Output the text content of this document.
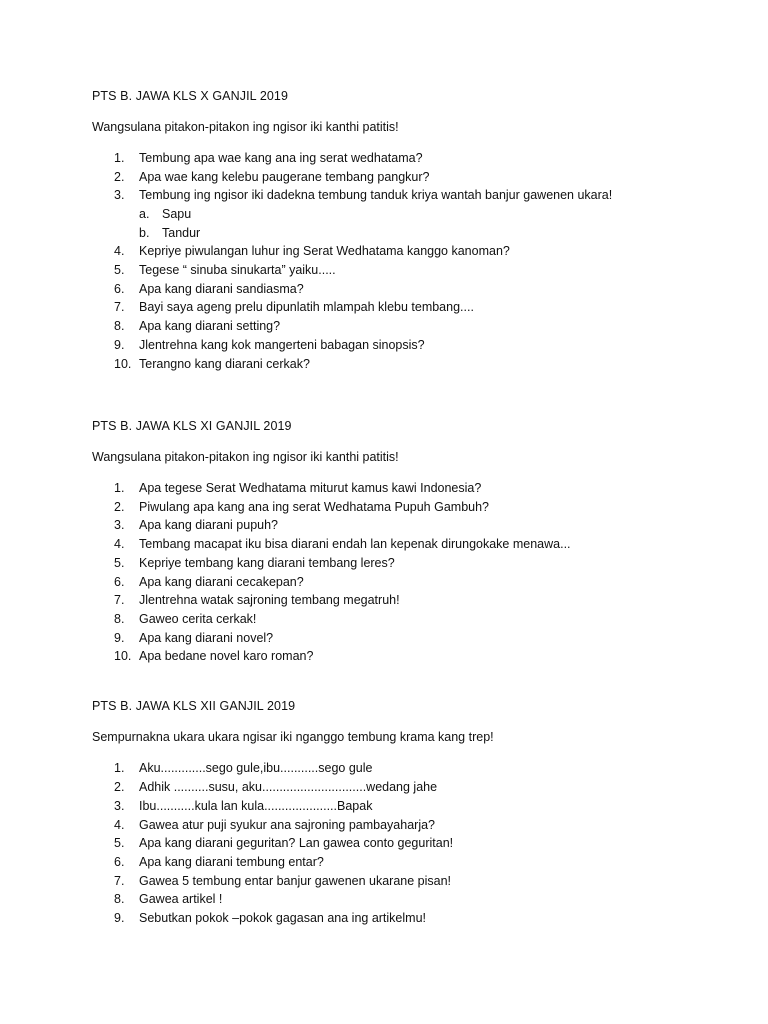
PTS B. JAWA KLS X GANJIL 2019
Wangsulana pitakon-pitakon ing ngisor iki kanthi patitis!
1.	Tembung apa wae kang ana ing serat wedhatama?
2.	Apa wae kang kelebu paugerane tembang pangkur?
3.	Tembung ing ngisor iki dadekna tembung tanduk kriya wantah banjur gawenen ukara!
a. Sapu
b. Tandur
4.	Kepriye piwulangan luhur ing Serat Wedhatama kanggo kanoman?
5.	Tegese “ sinuba sinukarta” yaiku.....
6.	Apa kang diarani sandiasma?
7.	Bayi saya ageng prelu dipunlatih mlampah klebu tembang....
8.	Apa kang diarani setting?
9.	Jlentrehna kang kok mangerteni babagan sinopsis?
10. Terangno kang diarani cerkak?
PTS B. JAWA KLS XI GANJIL 2019
Wangsulana pitakon-pitakon ing ngisor iki kanthi patitis!
1.	Apa tegese Serat Wedhatama miturut kamus kawi Indonesia?
2.	Piwulang apa kang ana ing serat Wedhatama Pupuh Gambuh?
3.	Apa kang diarani pupuh?
4.	Tembang macapat iku bisa diarani endah lan kepenak dirungokake menawa...
5.	Kepriye tembang kang diarani tembang leres?
6.	Apa kang diarani cecakepan?
7.	Jlentrehna watak sajroning tembang megatruh!
8.	Gaweo cerita cerkak!
9.	Apa kang diarani novel?
10. Apa bedane novel karo roman?
PTS B. JAWA KLS XII GANJIL 2019
Sempurnakna ukara ukara ngisar iki nganggo tembung krama kang trep!
1.	Aku.............sego gule,ibu...........sego gule
2.	Adhik ..........susu, aku..............................wedang jahe
3.	Ibu...........kula lan kula.....................Bapak
4.	Gawea atur puji syukur ana sajroning pambayaharja?
5.	Apa kang diarani geguritan? Lan gawea conto geguritan!
6.	Apa kang diarani tembung entar?
7.	Gawea 5 tembung entar banjur gawenen ukarane pisan!
8.	Gawea artikel !
9.	Sebutkan pokok –pokok gagasan ana ing artikelmu!
